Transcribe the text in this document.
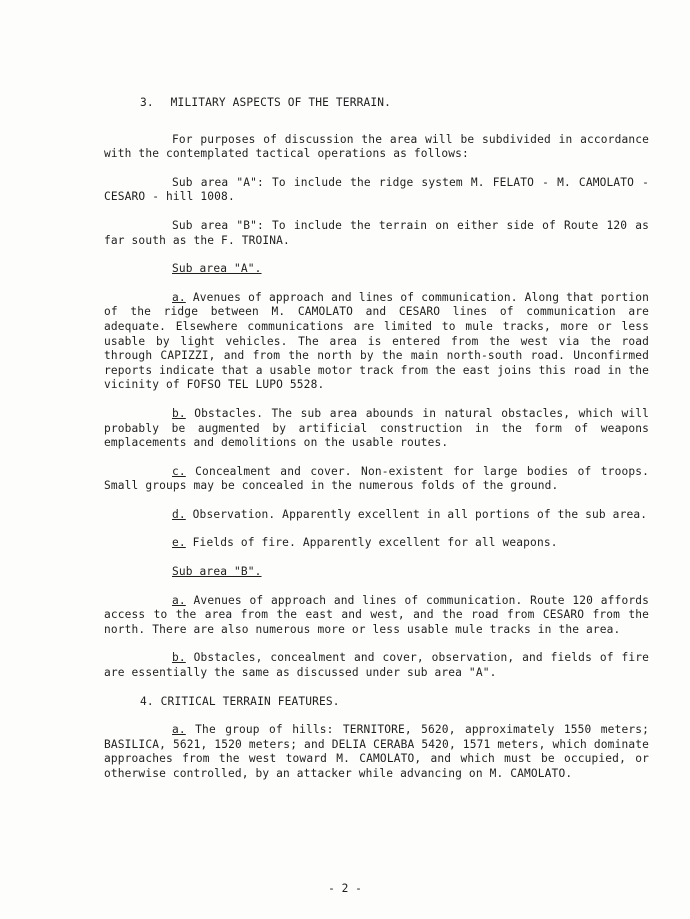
3. MILITARY ASPECTS OF THE TERRAIN.

For purposes of discussion the area will be subdivided in accordance with the contemplated tactical operations as follows:

Sub area "A": To include the ridge system M. FELATO - M. CAMOLATO - CESARO - hill 1008.

Sub area "B": To include the terrain on either side of Route 120 as far south as the F. TROINA.

Sub area "A".

a. Avenues of approach and lines of communication. Along that portion of the ridge between M. CAMOLATO and CESARO lines of communication are adequate. Elsewhere communications are limited to mule tracks, more or less usable by light vehicles. The area is entered from the west via the road through CAPIZZI, and from the north by the main north-south road. Unconfirmed reports indicate that a usable motor track from the east joins this road in the vicinity of FOFSO TEL LUPO 5528.

b. Obstacles. The sub area abounds in natural obstacles, which will probably be augmented by artificial construction in the form of weapons emplacements and demolitions on the usable routes.

c. Concealment and cover. Non-existent for large bodies of troops. Small groups may be concealed in the numerous folds of the ground.

d. Observation. Apparently excellent in all portions of the sub area.

e. Fields of fire. Apparently excellent for all weapons.

Sub area "B".

a. Avenues of approach and lines of communication. Route 120 affords access to the area from the east and west, and the road from CESARO from the north. There are also numerous more or less usable mule tracks in the area.

b. Obstacles, concealment and cover, observation, and fields of fire are essentially the same as discussed under sub area "A".

4. CRITICAL TERRAIN FEATURES.

a. The group of hills: TERNITORE, 5620, approximately 1550 meters; BASILICA, 5621, 1520 meters; and DELIA CERABA 5420, 1571 meters, which dominate approaches from the west toward M. CAMOLATO, and which must be occupied, or otherwise controlled, by an attacker while advancing on M. CAMOLATO.

- 2 -
